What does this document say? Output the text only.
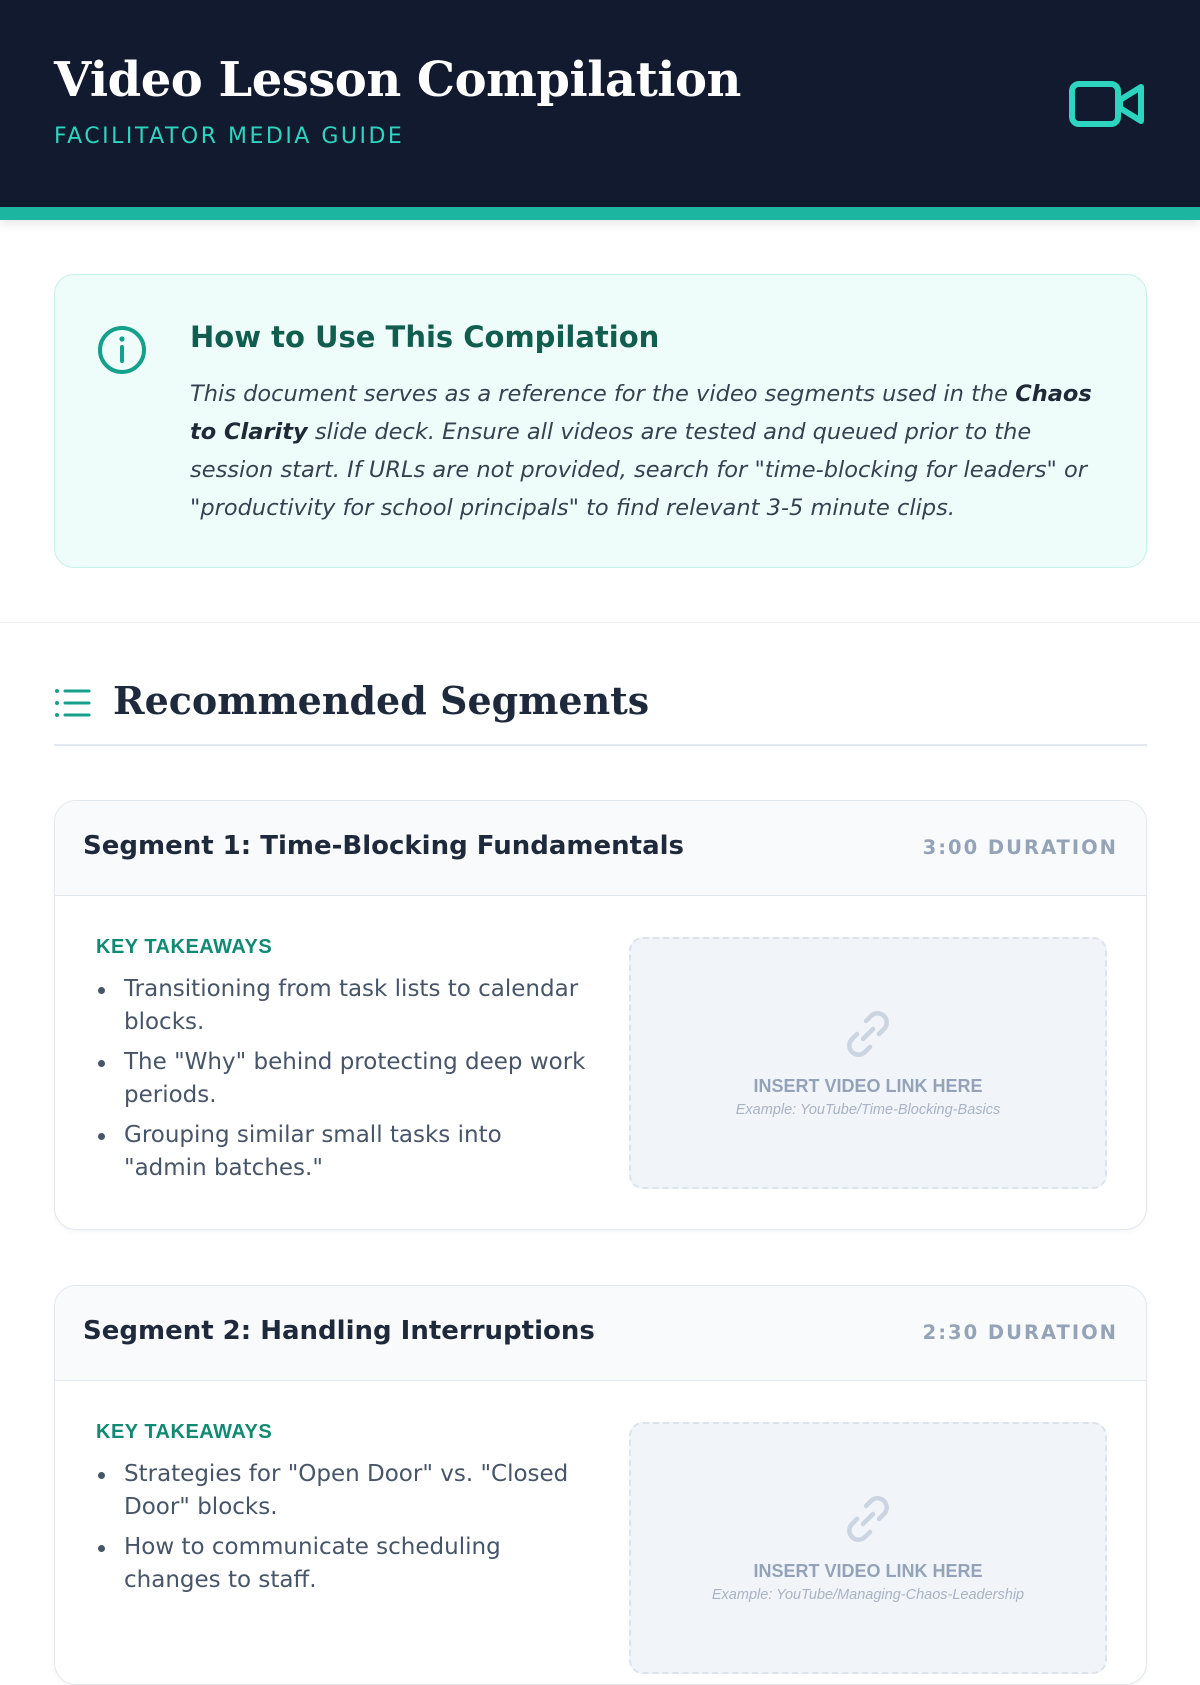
Video Lesson Compilation
FACILITATOR MEDIA GUIDE
How to Use This Compilation
This document serves as a reference for the video segments used in the Chaos to Clarity slide deck. Ensure all videos are tested and queued prior to the session start. If URLs are not provided, search for "time-blocking for leaders" or "productivity for school principals" to find relevant 3-5 minute clips.
Recommended Segments
Segment 1: Time-Blocking Fundamentals	3:00 DURATION
KEY TAKEAWAYS
Transitioning from task lists to calendar blocks.
The "Why" behind protecting deep work periods.
Grouping similar small tasks into "admin batches."
INSERT VIDEO LINK HERE
Example: YouTube/Time-Blocking-Basics
Segment 2: Handling Interruptions	2:30 DURATION
KEY TAKEAWAYS
Strategies for "Open Door" vs. "Closed Door" blocks.
How to communicate scheduling changes to staff.	INSERT VIDEO LINK HERE
Example: YouTube/Managing-Chaos-Leadership
